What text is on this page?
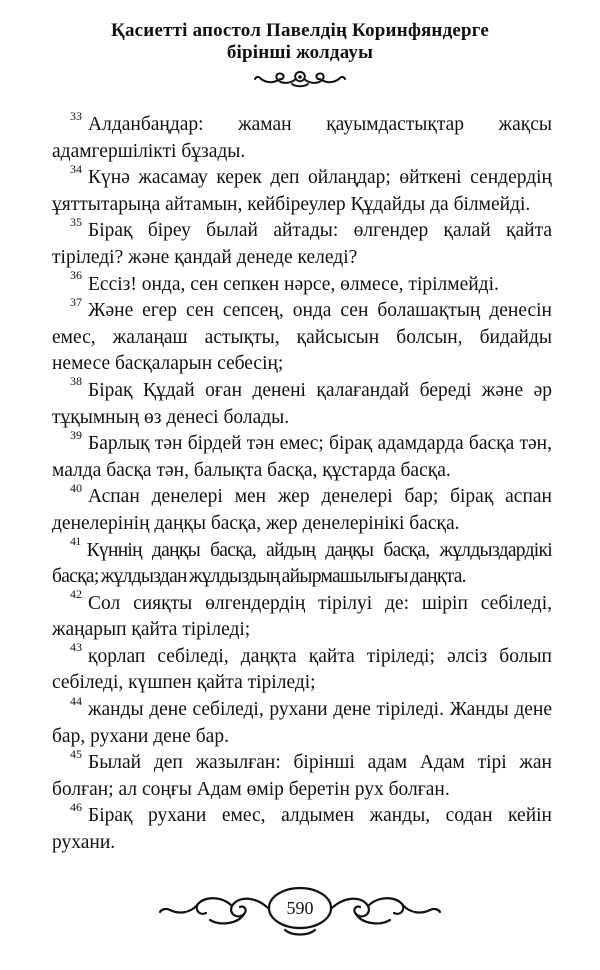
Қасиетті апостол Павелдің Коринфяндерге
бірінші жолдауы

$^{33}$ Алданбаңдар: жаман қауымдастықтар жақсы адамгершілікті бұзады.

$^{34}$ Күнә жасамау керек деп ойлаңдар; өйткені сендердің ұяттытарыңа айтамын, кейбіреулер Құдайды да білмейді.

$^{35}$ Бірақ біреу былай айтады: өлгендер қалай қайта тіріледі? және қандай денеде келеді?

$^{36}$ Ессіз! онда, сен сепкен нәрсе, өлмесе, тірілмейді.

$^{37}$ Және егер сен сепсең, онда сен болашақтың денесін емес, жалаңаш астықты, қайсысын болсын, бидайды немесе басқаларын себесің;

$^{38}$ Бірақ Құдай оған денені қалағандай береді және әр тұқымның өз денесі болады.

$^{39}$ Барлық тән бірдей тән емес; бірақ адамдарда басқа тән, малда басқа тән, балықта басқа, құстарда басқа.

$^{40}$ Аспан денелері мен жер денелері бар; бірақ аспан денелерінің даңқы басқа, жер денелерінікі басқа.

$^{41}$ Күннің даңқы басқа, айдың даңқы басқа, жұлдыздардікі басқа; жұлдыздан жұлдыздың айырмашылығы даңқта.

$^{42}$ Сол сияқты өлгендердің тірілуі де: шіріп себіледі, жаңарып қайта тіріледі;

$^{43}$ қорлап себіледі, даңқта қайта тіріледі; әлсіз болып себіледі, күшпен қайта тіріледі;

$^{44}$ жанды дене себіледі, рухани дене тіріледі. Жанды дене бар, рухани дене бар.

$^{45}$ Былай деп жазылған: бірінші адам Адам тірі жан болған; ал соңғы Адам өмір беретін рух болған.

$^{46}$ Бірақ рухани емес, алдымен жанды, содан кейін рухани.

590
